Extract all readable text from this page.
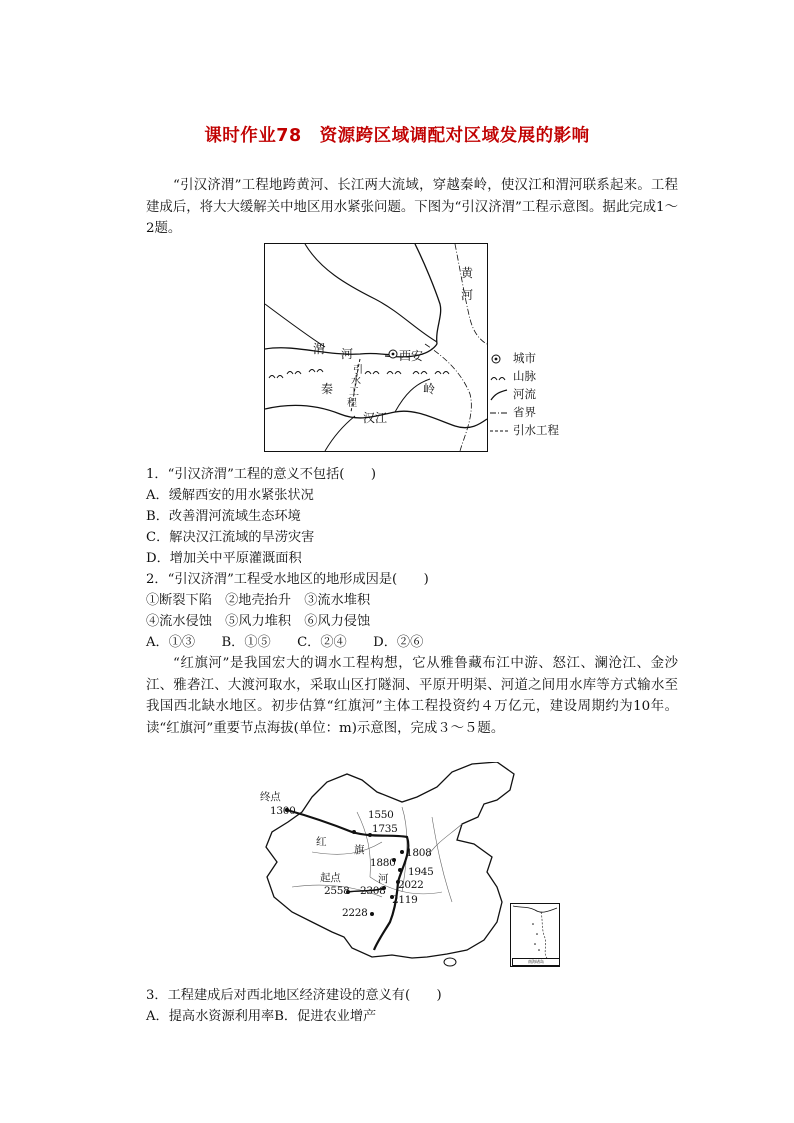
课时作业78　资源跨区域调配对区域发展的影响
“引汉济渭”工程地跨黄河、长江两大流域，穿越秦岭，使汉江和渭河联系起来。工程建成后，将大大缓解关中地区用水紧张问题。下图为“引汉济渭”工程示意图。据此完成1～2题。
黄
河
渭 河	西安
秦	岭
汉江
引
水
工
程
城市
山脉
河流
省界
引水工程
1．“引汉济渭”工程的意义不包括(　　)
A．缓解西安的用水紧张状况
B．改善渭河流域生态环境
C．解决汉江流域的旱涝灾害
D．增加关中平原灌溉面积
2．“引汉济渭”工程受水地区的地形成因是(　　)
①断裂下陷　②地壳抬升　③流水堆积
④流水侵蚀　⑤风力堆积　⑥风力侵蚀
A．①③　　B．①⑤　　C．②④　　D．②⑥
“红旗河”是我国宏大的调水工程构想，它从雅鲁藏布江中游、怒江、澜沧江、金沙江、雅砻江、大渡河取水，采取山区打隧洞、平原开明渠、河道之间用水库等方式输水至我国西北缺水地区。初步估算“红旗河”主体工程投资约４万亿元，建设周期约为10年。读“红旗河”重要节点海拔(单位：m)示意图，完成３～５题。
终点
1300	1550
1735
红
旗	1808
1880
1945
河 2022
起点
2558 2308
2119
2228
南海诸岛
3．工程建成后对西北地区经济建设的意义有(　　)
A．提高水资源利用率B．促进农业增产
